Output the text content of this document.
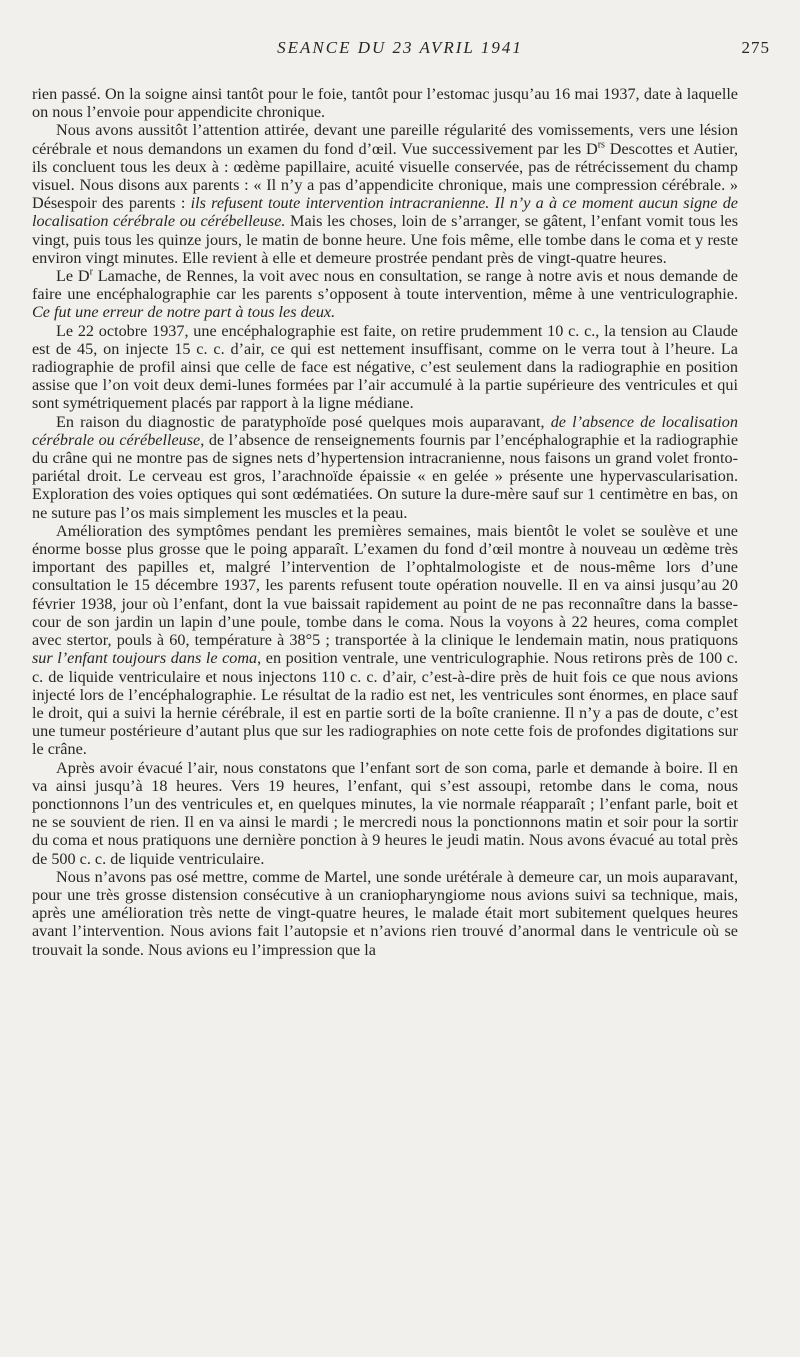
SEANCE DU 23 AVRIL 1941	275

rien passé. On la soigne ainsi tantôt pour le foie, tantôt pour l’estomac jusqu’au 16 mai 1937, date à laquelle on nous l’envoie pour appendicite chronique.

Nous avons aussitôt l’attention attirée, devant une pareille régularité des vomissements, vers une lésion cérébrale et nous demandons un examen du fond d’œil. Vue successivement par les $D^{rs}$ Descottes et Autier, ils concluent tous les deux à : œdème papillaire, acuité visuelle conservée, pas de rétrécissement du champ visuel. Nous disons aux parents : « Il n’y a pas d’appendicite chronique, mais une compression cérébrale. » Désespoir des parents : ils refusent toute intervention intracranienne. Il n’y a à ce moment aucun signe de localisation cérébrale ou cérébelleuse. Mais les choses, loin de s’arranger, se gâtent, l’enfant vomit tous les vingt, puis tous les quinze jours, le matin de bonne heure. Une fois même, elle tombe dans le coma et y reste environ vingt minutes. Elle revient à elle et demeure prostrée pendant près de vingt-quatre heures.

Le $D^r$ Lamache, de Rennes, la voit avec nous en consultation, se range à notre avis et nous demande de faire une encéphalographie car les parents s’opposent à toute intervention, même à une ventriculographie. Ce fut une erreur de notre part à tous les deux.

Le 22 octobre 1937, une encéphalographie est faite, on retire prudemment 10 c. c., la tension au Claude est de 45, on injecte 15 c. c. d’air, ce qui est nettement insuffisant, comme on le verra tout à l’heure. La radiographie de profil ainsi que celle de face est négative, c’est seulement dans la radiographie en position assise que l’on voit deux demi-lunes formées par l’air accumulé à la partie supérieure des ventricules et qui sont symétriquement placés par rapport à la ligne médiane.

En raison du diagnostic de paratyphoïde posé quelques mois auparavant, de l’absence de localisation cérébrale ou cérébelleuse, de l’absence de renseignements fournis par l’encéphalographie et la radiographie du crâne qui ne montre pas de signes nets d’hypertension intracranienne, nous faisons un grand volet fronto-pariétal droit. Le cerveau est gros, l’arachnoïde épaissie « en gelée » présente une hypervascularisation. Exploration des voies optiques qui sont œdématiées. On suture la dure-mère sauf sur 1 centimètre en bas, on ne suture pas l’os mais simplement les muscles et la peau.

Amélioration des symptômes pendant les premières semaines, mais bientôt le volet se soulève et une énorme bosse plus grosse que le poing apparaît. L’examen du fond d’œil montre à nouveau un œdème très important des papilles et, malgré l’intervention de l’ophtalmologiste et de nous-même lors d’une consultation le 15 décembre 1937, les parents refusent toute opération nouvelle. Il en va ainsi jusqu’au 20 février 1938, jour où l’enfant, dont la vue baissait rapidement au point de ne pas reconnaître dans la basse-cour de son jardin un lapin d’une poule, tombe dans le coma. Nous la voyons à 22 heures, coma complet avec stertor, pouls à 60, température à 38°5 ; transportée à la clinique le lendemain matin, nous pratiquons sur l’enfant toujours dans le coma, en position ventrale, une ventriculographie. Nous retirons près de 100 c. c. de liquide ventriculaire et nous injectons 110 c. c. d’air, c’est-à-dire près de huit fois ce que nous avions injecté lors de l’encéphalographie. Le résultat de la radio est net, les ventricules sont énormes, en place sauf le droit, qui a suivi la hernie cérébrale, il est en partie sorti de la boîte cranienne. Il n’y a pas de doute, c’est une tumeur postérieure d’autant plus que sur les radiographies on note cette fois de profondes digitations sur le crâne.

Après avoir évacué l’air, nous constatons que l’enfant sort de son coma, parle et demande à boire. Il en va ainsi jusqu’à 18 heures. Vers 19 heures, l’enfant, qui s’est assoupi, retombe dans le coma, nous ponctionnons l’un des ventricules et, en quelques minutes, la vie normale réapparaît ; l’enfant parle, boit et ne se souvient de rien. Il en va ainsi le mardi ; le mercredi nous la ponctionnons matin et soir pour la sortir du coma et nous pratiquons une dernière ponction à 9 heures le jeudi matin. Nous avons évacué au total près de 500 c. c. de liquide ventriculaire.

Nous n’avons pas osé mettre, comme de Martel, une sonde urétérale à demeure car, un mois auparavant, pour une très grosse distension consécutive à un craniopharyngiome nous avions suivi sa technique, mais, après une amélioration très nette de vingt-quatre heures, le malade était mort subitement quelques heures avant l’intervention. Nous avions fait l’autopsie et n’avions rien trouvé d’anormal dans le ventricule où se trouvait la sonde. Nous avions eu l’impression que la
